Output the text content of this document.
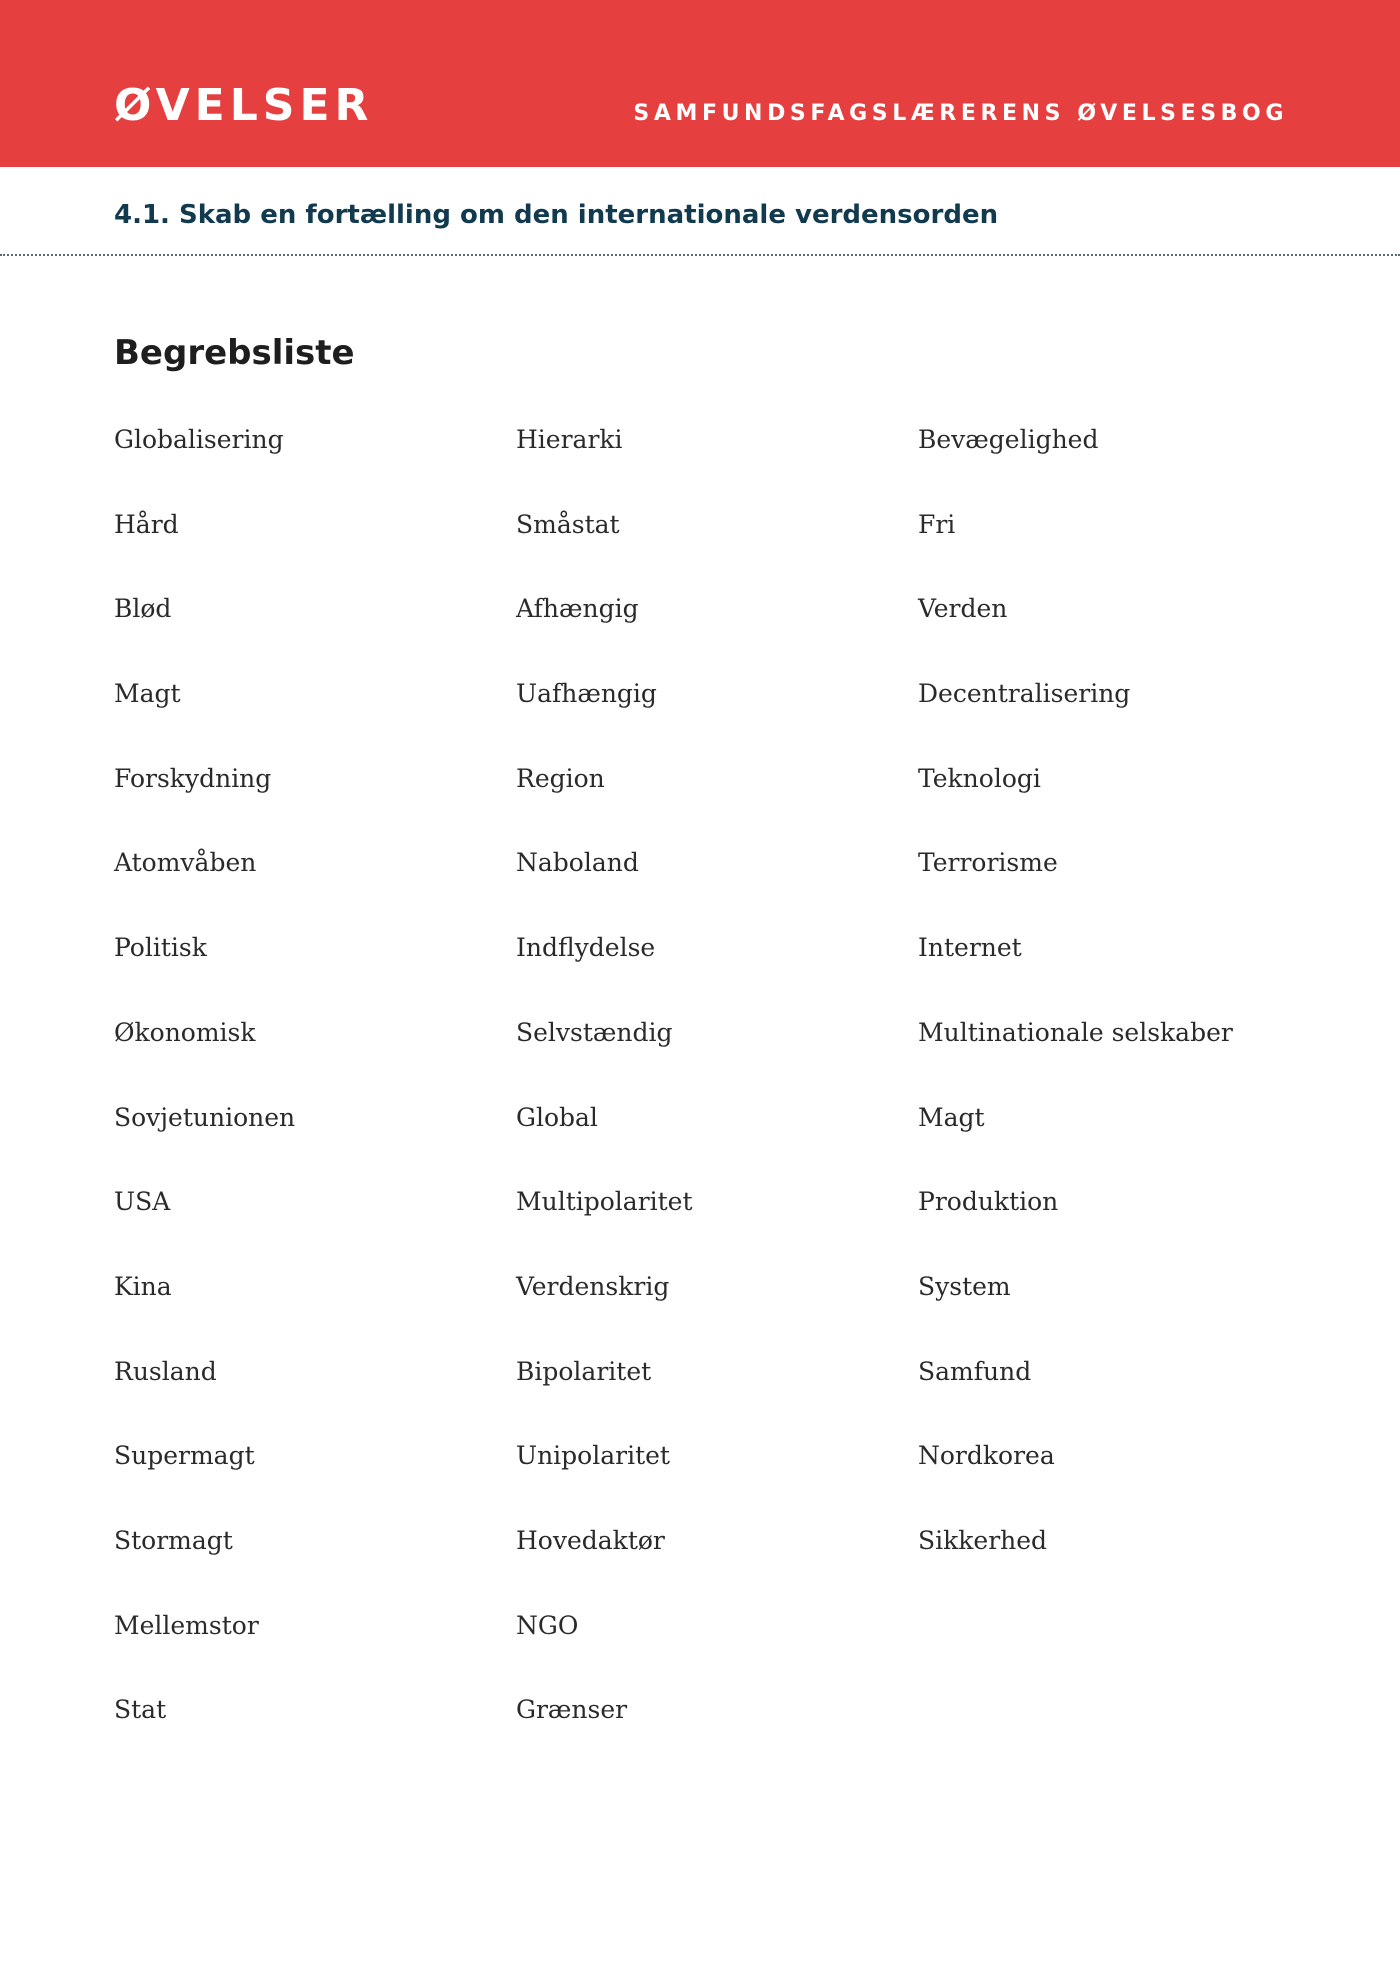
ØVELSER	SAMFUNDSFAGSLÆRERENS ØVELSESBOG
4.1. Skab en fortælling om den internationale verdensorden
Begrebsliste
Globalisering
Hård
Blød
Magt
Forskydning
Atomvåben
Politisk
Økonomisk
Sovjetunionen
USA
Kina
Rusland
Supermagt
Stormagt
Mellemstor
Stat
Hierarki
Småstat
Afhængig
Uafhængig
Region
Naboland
Indflydelse
Selvstændig
Global
Multipolaritet
Verdenskrig
Bipolaritet
Unipolaritet
Hovedaktør
NGO
Grænser
Bevægelighed
Fri
Verden
Decentralisering
Teknologi
Terrorisme
Internet
Multinationale selskaber
Magt
Produktion
System
Samfund
Nordkorea
Sikkerhed
